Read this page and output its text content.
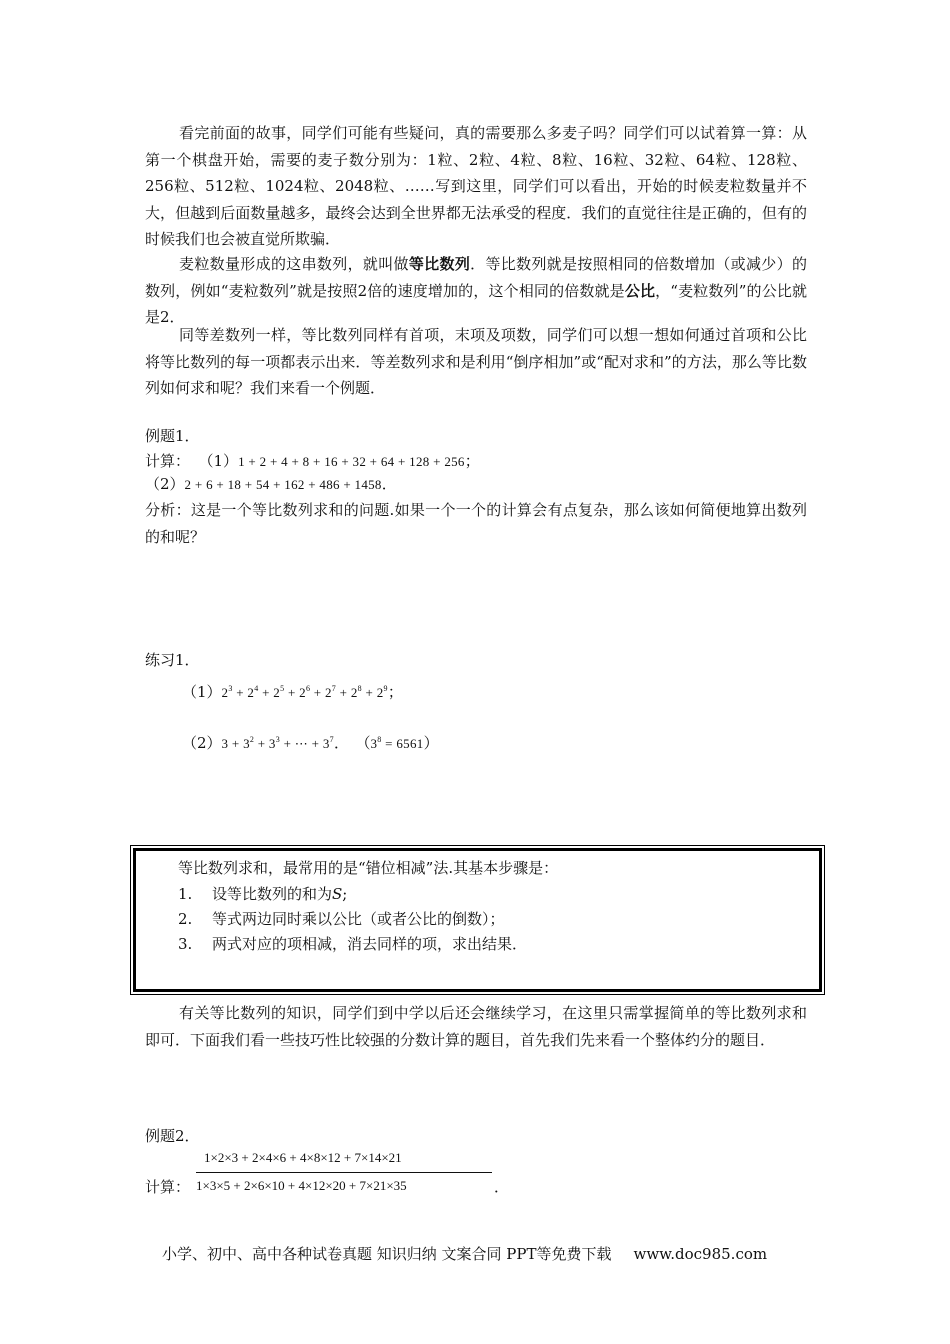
看完前面的故事，同学们可能有些疑问，真的需要那么多麦子吗？同学们可以试着算一算：从第一个棋盘开始，需要的麦子数分别为：1粒、2粒、4粒、8粒、16粒、32粒、64粒、128粒、256粒、512粒、1024粒、2048粒、……写到这里，同学们可以看出，开始的时候麦粒数量并不大，但越到后面数量越多，最终会达到全世界都无法承受的程度．我们的直觉往往是正确的，但有的时候我们也会被直觉所欺骗．
麦粒数量形成的这串数列，就叫做等比数列．等比数列就是按照相同的倍数增加（或减少）的数列，例如“麦粒数列”就是按照2倍的速度增加的，这个相同的倍数就是公比，“麦粒数列”的公比就是2．
同等差数列一样，等比数列同样有首项，末项及项数，同学们可以想一想如何通过首项和公比将等比数列的每一项都表示出来．等差数列求和是利用“倒序相加”或“配对求和”的方法，那么等比数列如何求和呢？我们来看一个例题．
例题1．
计算： （1）1 + 2 + 4 + 8 + 16 + 32 + 64 + 128 + 256；
（2）2 + 6 + 18 + 54 + 162 + 486 + 1458．
分析：这是一个等比数列求和的问题.如果一个一个的计算会有点复杂，那么该如何简便地算出数列的和呢？
练习1．
$(1)2^3 + 2^4 + 2^5 + 2^6 + 2^7 + 2^8 + 2^9$；
$(2)3 + 3^2 + 3^3$ + ⋯ + $3^7$． $(3^8 = 6561)$
等比数列求和，最常用的是“错位相减”法.其基本步骤是：
1. 设等比数列的和为S;
2. 等式两边同时乘以公比（或者公比的倒数）；
3. 两式对应的项相减，消去同样的项，求出结果．
有关等比数列的知识，同学们到中学以后还会继续学习，在这里只需掌握简单的等比数列求和即可．下面我们看一些技巧性比较强的分数计算的题目，首先我们先来看一个整体约分的题目．
例题2．
1×2×3 + 2×4×6 + 4×8×12 + 7×14×21
1×3×5 + 2×6×10 + 4×12×20 + 7×21×35
计算：	．
小学、初中、高中各种试卷真题 知识归纳 文案合同 PPT等免费下载 www.doc985.com
